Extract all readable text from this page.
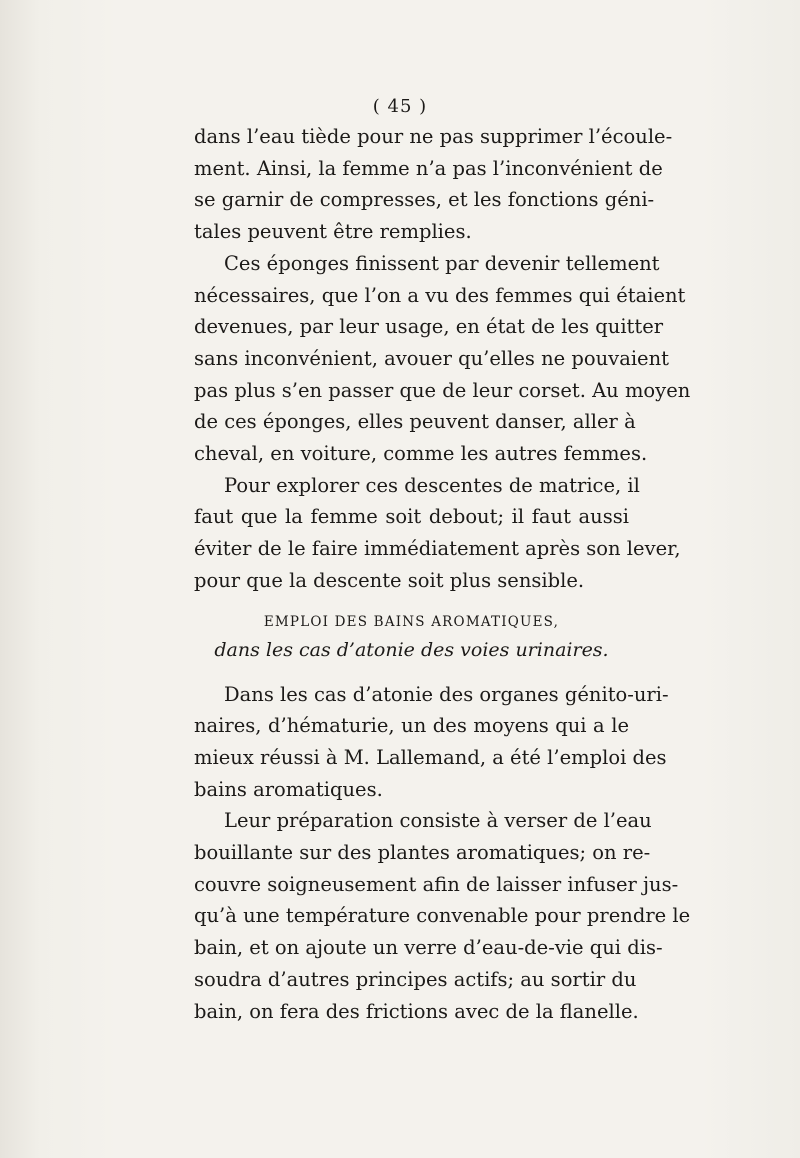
( 45 )
dans l’eau tiède pour ne pas supprimer l’écoule-
ment. Ainsi, la femme n’a pas l’inconvénient de
se garnir de compresses, et les fonctions géni-
tales peuvent être remplies.
Ces éponges finissent par devenir tellement
nécessaires, que l’on a vu des femmes qui étaient
devenues, par leur usage, en état de les quitter
sans inconvénient, avouer qu’elles ne pouvaient
pas plus s’en passer que de leur corset. Au moyen
de ces éponges, elles peuvent danser, aller à
cheval, en voiture, comme les autres femmes.
Pour explorer ces descentes de matrice, il
faut que la femme soit debout; il faut aussi
éviter de le faire immédiatement après son lever,
pour que la descente soit plus sensible.
EMPLOI DES BAINS AROMATIQUES,
dans les cas d’atonie des voies urinaires.
Dans les cas d’atonie des organes génito-uri-
naires, d’hématurie, un des moyens qui a le
mieux réussi à M. Lallemand, a été l’emploi des
bains aromatiques.
Leur préparation consiste à verser de l’eau
bouillante sur des plantes aromatiques; on re-
couvre soigneusement afin de laisser infuser jus-
qu’à une température convenable pour prendre le
bain, et on ajoute un verre d’eau-de-vie qui dis-
soudra d’autres principes actifs; au sortir du
bain, on fera des frictions avec de la flanelle.
